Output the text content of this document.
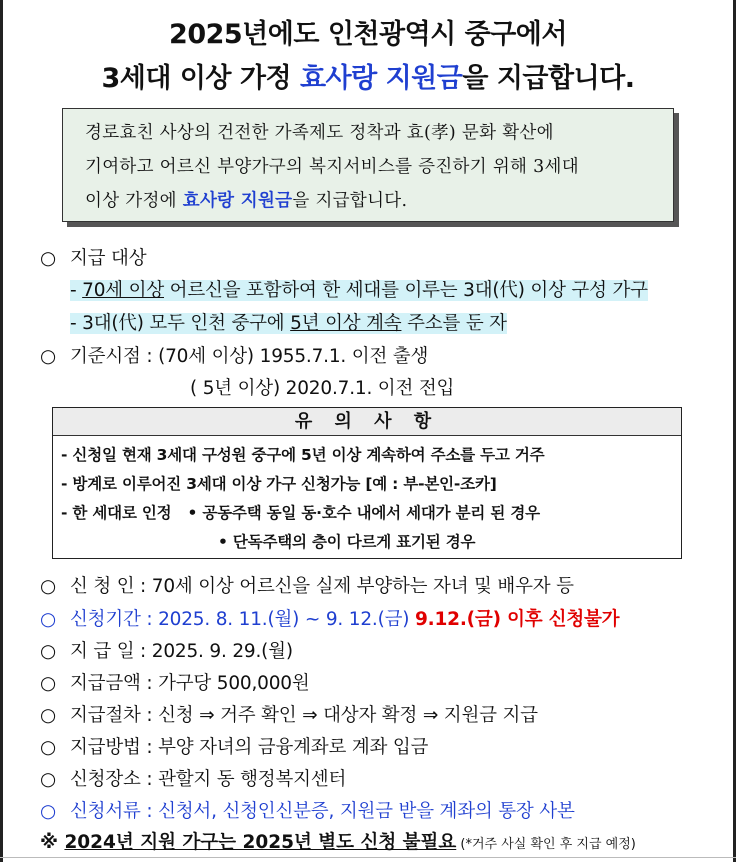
2025년에도 인천광역시 중구에서
3세대 이상 가정 효사랑 지원금을 지급합니다.
경로효친 사상의 건전한 가족제도 정착과 효(孝) 문화 확산에
기여하고 어르신 부양가구의 복지서비스를 증진하기 위해 3세대
이상 가정에 효사랑 지원금을 지급합니다.
○ 지급 대상
- 70세 이상 어르신을 포함하여 한 세대를 이루는 3대(代) 이상 구성 가구
- 3대(代) 모두 인천 중구에 5년 이상 계속 주소를 둔 자
○ 기준시점 : (70세 이상) 1955.7.1. 이전 출생
( 5년 이상) 2020.7.1. 이전 전입
유 의 사 항
- 신청일 현재 3세대 구성원 중구에 5년 이상 계속하여 주소를 두고 거주
- 방계로 이루어진 3세대 이상 가구 신청가능 [예 : 부-본인-조카]
- 한 세대로 인정 • 공동주택 동일 동·호수 내에서 세대가 분리 된 경우
• 단독주택의 층이 다르게 표기된 경우
○ 신 청 인 : 70세 이상 어르신을 실제 부양하는 자녀 및 배우자 등
○ 신청기간 : 2025. 8. 11.(월) ~ 9. 12.(금) 9.12.(금) 이후 신청불가
○ 지 급 일 : 2025. 9. 29.(월)
○ 지급금액 : 가구당 500,000원
○ 지급절차 : 신청 ⇒ 거주 확인 ⇒ 대상자 확정 ⇒ 지원금 지급
○ 지급방법 : 부양 자녀의 금융계좌로 계좌 입금
○ 신청장소 : 관할지 동 행정복지센터
○ 신청서류 : 신청서, 신청인신분증, 지원금 받을 계좌의 통장 사본
※ 2024년 지원 가구는 2025년 별도 신청 불필요 (*거주 사실 확인 후 지급 예정)
